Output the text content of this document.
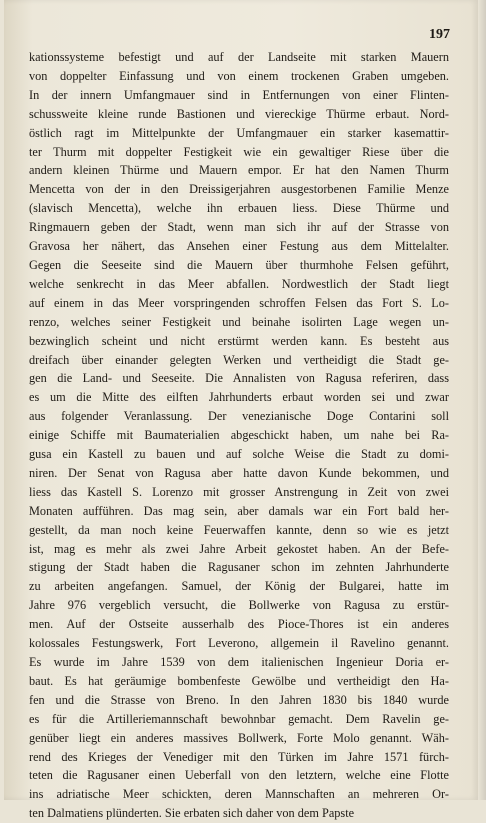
197
kationssysteme befestigt und auf der Landseite mit starken Mauern
von doppelter Einfassung und von einem trockenen Graben umgeben.
In der innern Umfangmauer sind in Entfernungen von einer Flinten-
schussweite kleine runde Bastionen und viereckige Thürme erbaut. Nord-
östlich ragt im Mittelpunkte der Umfangmauer ein starker kasemattir-
ter Thurm mit doppelter Festigkeit wie ein gewaltiger Riese über die
andern kleinen Thürme und Mauern empor. Er hat den Namen Thurm
Mencetta von der in den Dreissigerjahren ausgestorbenen Familie Menze
(slavisch Mencetta), welche ihn erbauen liess. Diese Thürme und
Ringmauern geben der Stadt, wenn man sich ihr auf der Strasse von
Gravosa her nähert, das Ansehen einer Festung aus dem Mittelalter.
Gegen die Seeseite sind die Mauern über thurmhohe Felsen geführt,
welche senkrecht in das Meer abfallen. Nordwestlich der Stadt liegt
auf einem in das Meer vorspringenden schroffen Felsen das Fort S. Lo-
renzo, welches seiner Festigkeit und beinahe isolirten Lage wegen un-
bezwinglich scheint und nicht erstürmt werden kann. Es besteht aus
dreifach über einander gelegten Werken und vertheidigt die Stadt ge-
gen die Land- und Seeseite. Die Annalisten von Ragusa referiren, dass
es um die Mitte des eilften Jahrhunderts erbaut worden sei und zwar
aus folgender Veranlassung. Der venezianische Doge Contarini soll
einige Schiffe mit Baumaterialien abgeschickt haben, um nahe bei Ra-
gusa ein Kastell zu bauen und auf solche Weise die Stadt zu domi-
niren. Der Senat von Ragusa aber hatte davon Kunde bekommen, und
liess das Kastell S. Lorenzo mit grosser Anstrengung in Zeit von zwei
Monaten aufführen. Das mag sein, aber damals war ein Fort bald her-
gestellt, da man noch keine Feuerwaffen kannte, denn so wie es jetzt
ist, mag es mehr als zwei Jahre Arbeit gekostet haben. An der Befe-
stigung der Stadt haben die Ragusaner schon im zehnten Jahrhunderte
zu arbeiten angefangen. Samuel, der König der Bulgarei, hatte im
Jahre 976 vergeblich versucht, die Bollwerke von Ragusa zu erstür-
men. Auf der Ostseite ausserhalb des Pioce-Thores ist ein anderes
kolossales Festungswerk, Fort Leverono, allgemein il Ravelino genannt.
Es wurde im Jahre 1539 von dem italienischen Ingenieur Doria er-
baut. Es hat geräumige bombenfeste Gewölbe und vertheidigt den Ha-
fen und die Strasse von Breno. In den Jahren 1830 bis 1840 wurde
es für die Artilleriemannschaft bewohnbar gemacht. Dem Ravelin ge-
genüber liegt ein anderes massives Bollwerk, Forte Molo genannt. Wäh-
rend des Krieges der Venediger mit den Türken im Jahre 1571 fürch-
teten die Ragusaner einen Ueberfall von den letztern, welche eine Flotte
ins adriatische Meer schickten, deren Mannschaften an mehreren Or-
ten Dalmatiens plünderten. Sie erbaten sich daher von dem Papste
